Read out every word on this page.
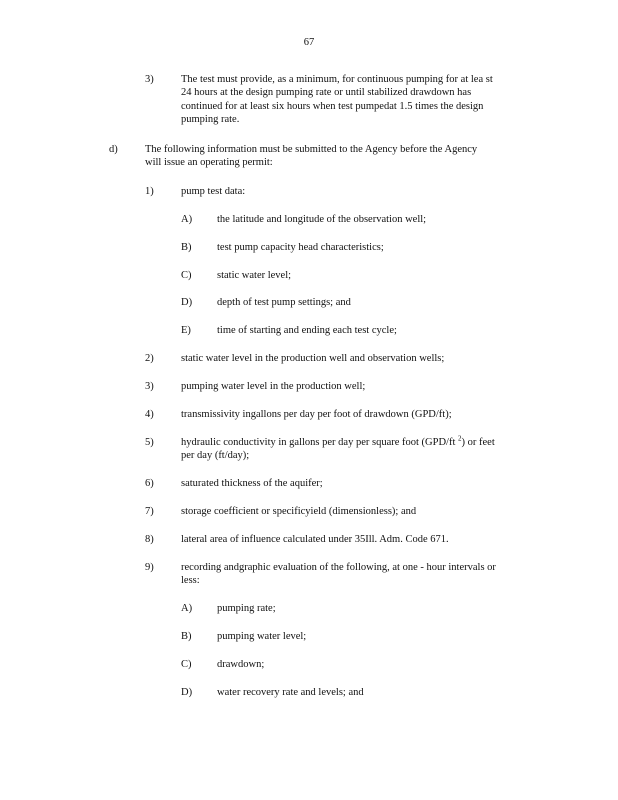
67
3)	The test must provide, as a minimum, for continuous pumping for at lea st
24 hours at the design pumping rate or until stabilized drawdown has
continued for at least six hours when test pumpedat 1.5 times the design
pumping rate.
d)	The following information must be submitted to the Agency before the Agency
will issue an operating permit:
1)	pump test data:
A) the latitude and longitude of the observation well;
B) test pump capacity head characteristics;
C) static water level;
D) depth of test pump settings; and
E) time of starting and ending each test cycle;
2)	static water level in the production well and observation wells;
3)	pumping water level in the production well;
4)	transmissivity ingallons per day per foot of drawdown (GPD/ft);
5)	hydraulic conductivity in gallons per day per square foot (GPD/ft $^2$) or feet
per day (ft/day);
6)	saturated thickness of the aquifer;
7)	storage coefficient or specificyield (dimensionless); and
8)	lateral area of influence calculated under 35Ill. Adm. Code 671.
9)	recording andgraphic evaluation of the following, at one - hour intervals or
less:
A) pumping rate;
B) pumping water level;
C) drawdown;
D) water recovery rate and levels; and
